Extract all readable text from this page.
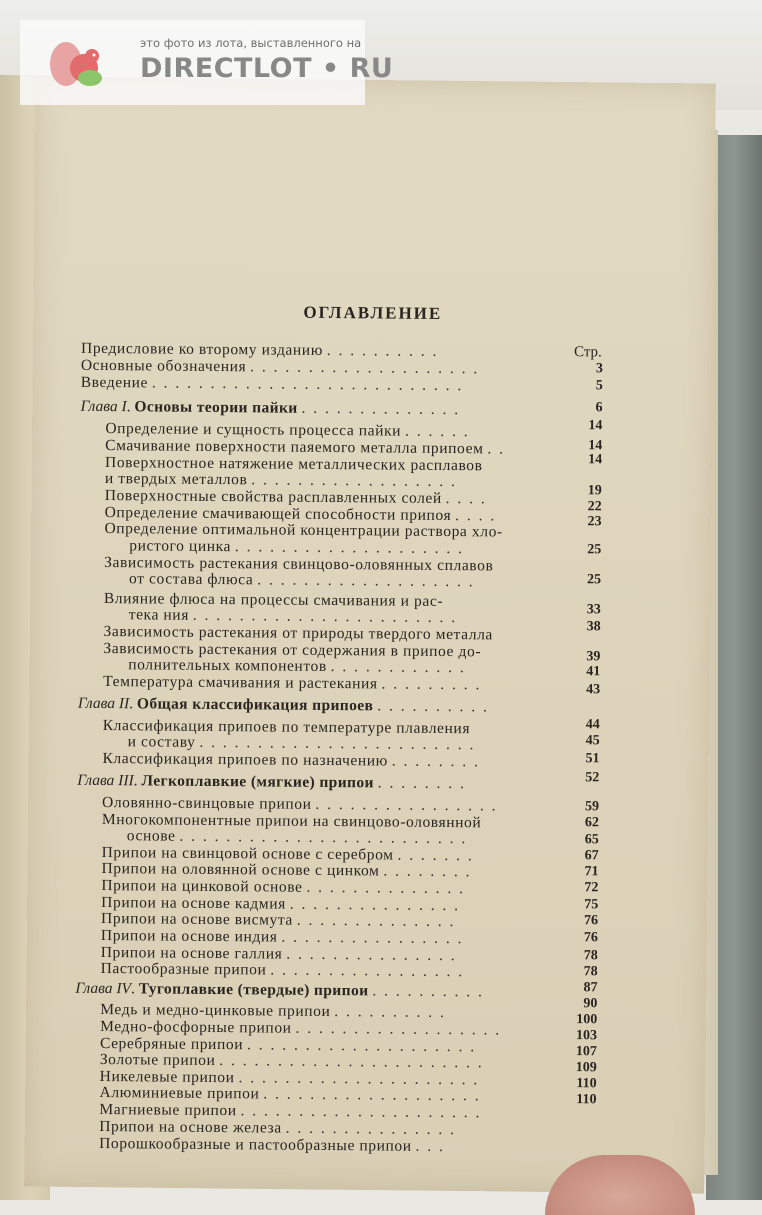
ОГЛАВЛЕНИЕ
Стр.
Предисловие ко второму изданию . . . . . . . . . .
Основные обозначения . . . . . . . . . . . . . . . . . . . .
Введение . . . . . . . . . . . . . . . . . . . . . . . . . . .
Глава I. Основы теории пайки . . . . . . . . . . . . . .
Определение и сущность процесса пайки . . . . . .
Смачивание поверхности паяемого металла припоем . .
Поверхностное натяжение металлических расплавов
и твердых металлов . . . . . . . . . . . . . . . . . .
Поверхностные свойства расплавленных солей . . . .
Определение смачивающей способности припоя . . . .
Определение оптимальной концентрации раствора хло-
ристого цинка . . . . . . . . . . . . . . . . . . . .
Зависимость растекания свинцово-оловянных сплавов
от состава флюса . . . . . . . . . . . . . . . . . . .
Влияние флюса на процессы смачивания и рас-
тека ния . . . . . . . . . . . . . . . . . . . . . . .
Зависимость растекания от природы твердого металла
Зависимость растекания от содержания в припое до-
полнительных компонентов . . . . . . . . . . . .
Температура смачивания и растекания . . . . . . . . .
Глава II. Общая классификация припоев . . . . . . . . . .
Классификация припоев по температуре плавления
и составу . . . . . . . . . . . . . . . . . . . . . . . .
Классификация припоев по назначению . . . . . . . .
Глава III. Легкоплавкие (мягкие) припои . . . . . . . .
Оловянно-свинцовые припои . . . . . . . . . . . . . . . .
Многокомпонентные припои на свинцово-оловянной
основе . . . . . . . . . . . . . . . . . . . . . . . . .
Припои на свинцовой основе с серебром . . . . . . .
Припои на оловянной основе с цинком . . . . . . . .
Припои на цинковой основе . . . . . . . . . . . . . .
Припои на основе кадмия . . . . . . . . . . . . . . .
Припои на основе висмута . . . . . . . . . . . . . .
Припои на основе индия . . . . . . . . . . . . . . . .
Припои на основе галлия . . . . . . . . . . . . . . .
Пастообразные припои . . . . . . . . . . . . . . . . .
Глава IV. Тугоплавкие (твердые) припои . . . . . . . . . .
Медь и медно-цинковые припои . . . . . . . . . .
Медно-фосфорные припои . . . . . . . . . . . . . . . . . .
Серебряные припои . . . . . . . . . . . . . . . . . . . .
Золотые припои . . . . . . . . . . . . . . . . . . . . . . .
Никелевые припои . . . . . . . . . . . . . . . . . . . . .
Алюминиевые припои . . . . . . . . . . . . . . . . . . .
Магниевые припои . . . . . . . . . . . . . . . . . . . . .
Припои на основе железа . . . . . . . . . . . . . . .
Порошкообразные и пастообразные припои . . .
3
5
6
14
14
14
19
22
23
25
25
33
38
39
41
43
44
45
51
52
59
62
65
67
71
72
75
76
76
78
78
87
90
100
103
107
109
110
110
это фото из лота, выставленного на
DIRECTLOT • RU
